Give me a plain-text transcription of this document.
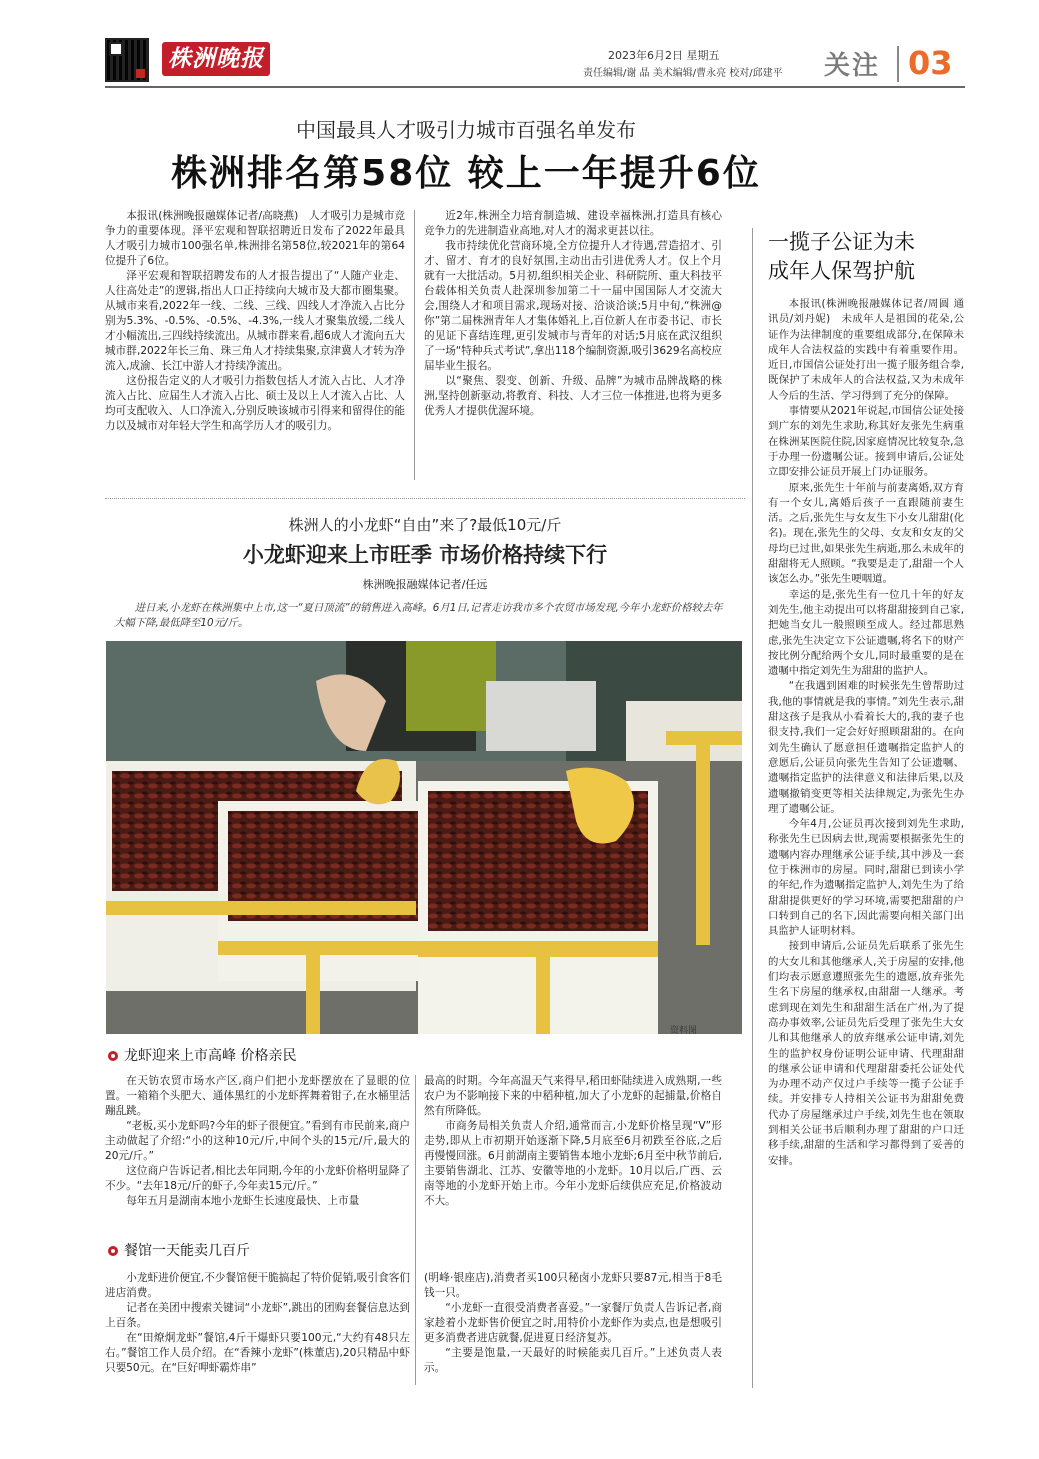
株洲晚报	2023年6月2日 星期五
责任编辑/谢 晶 美术编辑/曹永亮 校对/邱建平 关注 03
中国最具人才吸引力城市百强名单发布
株洲排名第58位 较上一年提升6位

本报讯(株洲晚报融媒体记者/高晓燕)　人才吸引力是城市竞争力的重要体现。泽平宏观和智联招聘近日发布了2022年最具人才吸引力城市100强名单,株洲排名第58位,较2021年的第64位提升了6位。

泽平宏观和智联招聘发布的人才报告提出了“人随产业走、人往高处走”的逻辑,指出人口正持续向大城市及大都市圈集聚。从城市来看,2022年一线、二线、三线、四线人才净流入占比分别为5.3%、-0.5%、-0.5%、-4.3%,一线人才聚集放缓,二线人才小幅流出,三四线持续流出。从城市群来看,超6成人才流向五大城市群,2022年长三角、珠三角人才持续集聚,京津冀人才转为净流入,成渝、长江中游人才持续净流出。

这份报告定义的人才吸引力指数包括人才流入占比、人才净流入占比、应届生人才流入占比、硕士及以上人才流入占比、人均可支配收入、人口净流入,分别反映该城市引得来和留得住的能力以及城市对年轻大学生和高学历人才的吸引力。

近2年,株洲全力培育制造城、建设幸福株洲,打造具有核心竞争力的先进制造业高地,对人才的渴求更甚以往。

我市持续优化营商环境,全方位提升人才待遇,营造招才、引才、留才、育才的良好氛围,主动出击引进优秀人才。仅上个月就有一大批活动。5月初,组织相关企业、科研院所、重大科技平台载体相关负责人赴深圳参加第二十一届中国国际人才交流大会,围绕人才和项目需求,现场对接、洽谈洽谈;5月中旬,“株洲@你”第二届株洲青年人才集体婚礼上,百位新人在市委书记、市长的见证下喜结连理,更引发城市与青年的对话;5月底在武汉组织了一场“特种兵式考试”,拿出118个编制资源,吸引3629名高校应届毕业生报名。

以“聚焦、裂变、创新、升级、品牌”为城市品牌战略的株洲,坚持创新驱动,将教育、科技、人才三位一体推进,也将为更多优秀人才提供优渥环境。

一揽子公证为未
成年人保驾护航

本报讯(株洲晚报融媒体记者/周圆 通讯员/刘丹妮)　未成年人是祖国的花朵,公证作为法律制度的重要组成部分,在保障未成年人合法权益的实践中有着重要作用。近日,市国信公证处打出一揽子服务组合拳,既保护了未成年人的合法权益,又为未成年人今后的生活、学习得到了充分的保障。

事情要从2021年说起,市国信公证处接到广东的刘先生求助,称其好友张先生病重在株洲某医院住院,因家庭情况比较复杂,急于办理一份遗嘱公证。接到申请后,公证处立即安排公证员开展上门办证服务。

原来,张先生十年前与前妻离婚,双方育有一个女儿,离婚后孩子一直跟随前妻生活。之后,张先生与女友生下小女儿甜甜(化名)。现在,张先生的父母、女友和女友的父母均已过世,如果张先生病逝,那么未成年的甜甜将无人照顾。“我要是走了,甜甜一个人该怎么办。”张先生哽咽道。

幸运的是,张先生有一位几十年的好友刘先生,他主动提出可以将甜甜接到自己家,把她当女儿一般照顾至成人。经过都思熟虑,张先生决定立下公证遗嘱,将名下的财产按比例分配给两个女儿,同时最重要的是在遗嘱中指定刘先生为甜甜的监护人。

“在我遇到困难的时候张先生曾帮助过我,他的事情就是我的事情。”刘先生表示,甜甜这孩子是我从小看着长大的,我的妻子也很支持,我们一定会好好照顾甜甜的。在向刘先生确认了愿意担任遗嘱指定监护人的意愿后,公证员向张先生告知了公证遗嘱、遗嘱指定监护的法律意义和法律后果,以及遗嘱撤销变更等相关法律规定,为张先生办理了遗嘱公证。

今年4月,公证员再次接到刘先生求助,称张先生已因病去世,现需要根据张先生的遗嘱内容办理继承公证手续,其中涉及一套位于株洲市的房屋。同时,甜甜已到读小学的年纪,作为遗嘱指定监护人,刘先生为了给甜甜提供更好的学习环境,需要把甜甜的户口转到自己的名下,因此需要向相关部门出具监护人证明材料。

接到申请后,公证员先后联系了张先生的大女儿和其他继承人,关于房屋的安排,他们均表示愿意遵照张先生的遗愿,放弃张先生名下房屋的继承权,由甜甜一人继承。考虑到现在刘先生和甜甜生活在广州,为了提高办事效率,公证员先后受理了张先生大女儿和其他继承人的放弃继承公证申请,刘先生的监护权身份证明公证申请、代理甜甜的继承公证申请和代理甜甜委托公证处代为办理不动产仅过户手续等一揽子公证手续。并安排专人持相关公证书为甜甜免费代办了房屋继承过户手续,刘先生也在领取到相关公证书后顺利办理了甜甜的户口迁移手续,甜甜的生活和学习都得到了妥善的安排。

株洲人的小龙虾“自由”来了?最低10元/斤
小龙虾迎来上市旺季 市场价格持续下行
株洲晚报融媒体记者/任远

进日来,小龙虾在株洲集中上市,这一“夏日顶流”的销售进入高峰。6月1日,记者走访我市多个农贸市场发现,今年小龙虾价格较去年大幅下降,最低降至10元/斤。

资料图
龙虾迎来上市高峰 价格亲民

在天钫农贸市场水产区,商户们把小龙虾摆放在了显眼的位置。一箱箱个头肥大、通体黑红的小龙虾挥舞着钳子,在水桶里活蹦乱跳。

“老板,买小龙虾吗?今年的虾子很便宜。”看到有市民前来,商户主动做起了介绍:“小的这种10元/斤,中间个头的15元/斤,最大的20元/斤。”

这位商户告诉记者,相比去年同期,今年的小龙虾价格明显降了不少。“去年18元/斤的虾子,今年卖15元/斤。”

每年五月是湖南本地小龙虾生长速度最快、上市量

最高的时期。今年高温天气来得早,稻田虾陆续进入成熟期,一些农户为不影响接下来的中稻种植,加大了小龙虾的起捕量,价格自然有所降低。

市商务局相关负责人介绍,通常而言,小龙虾价格呈现“V”形走势,即从上市初期开始逐渐下降,5月底至6月初跌至谷底,之后再慢慢回涨。6月前湖南主要销售本地小龙虾;6月至中秋节前后,主要销售湖北、江苏、安徽等地的小龙虾。10月以后,广西、云南等地的小龙虾开始上市。今年小龙虾后续供应充足,价格波动不大。

餐馆一天能卖几百斤

小龙虾进价便宜,不少餐馆便干脆搞起了特价促销,吸引食客们进店消费。

记者在美团中搜索关键词“小龙虾”,跳出的团购套餐信息达到上百条。

在“田燎炯龙虾”餐馆,4斤干爆虾只要100元,“大约有48只左右。”餐馆工作人员介绍。在“香辣小龙虾”(株董店),20只精品中虾只要50元。在“巨好呷虾霸炸串”

(明峰·银座店),消费者买100只秘卤小龙虾只要87元,相当于8毛钱一只。

“小龙虾一直很受消费者喜爱。”一家餐厅负责人告诉记者,商家趁着小龙虾售价便宜之时,用特价小龙虾作为卖点,也是想吸引更多消费者进店就餐,促进夏日经济复苏。

“主要是饱量,一天最好的时候能卖几百斤。”上述负责人表示。
